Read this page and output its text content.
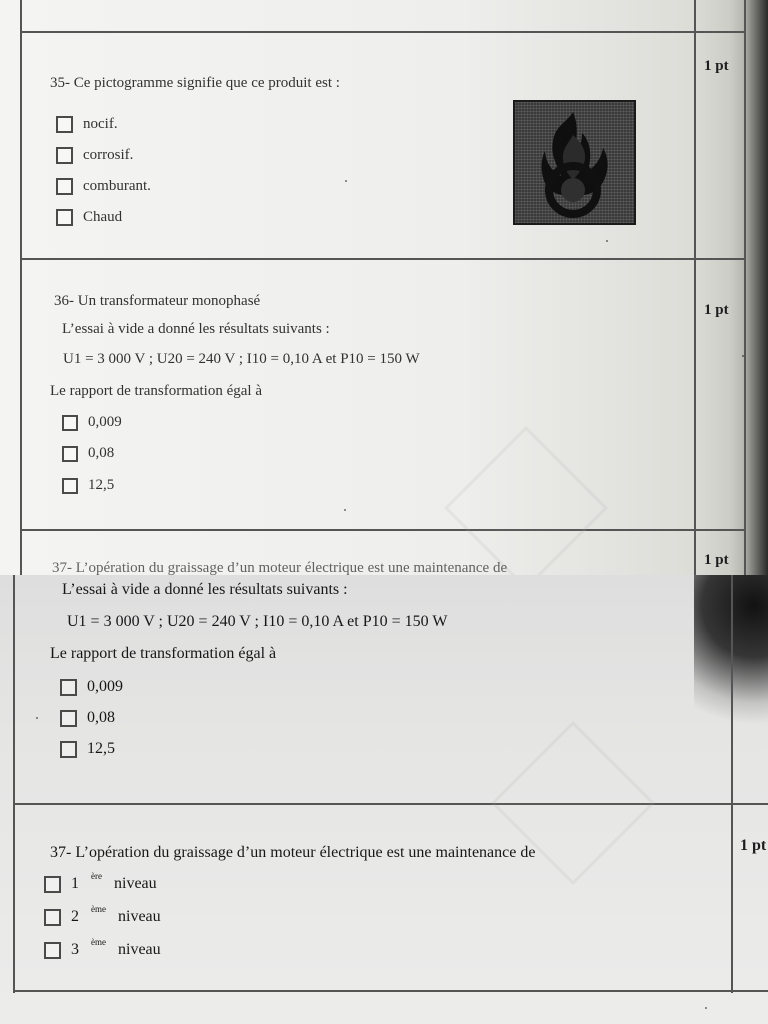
35- Ce pictogramme signifie que ce produit est :
1 pt
nocif.
corrosif.
comburant.
Chaud
36- Un transformateur monophasé
1 pt
L’essai à vide a donné les résultats suivants :
U1 = 3 000 V ; U20 = 240 V ; I10 = 0,10 A et P10 = 150 W
Le rapport de transformation égal à
0,009
0,08
12,5
37- L’opération du graissage d’un moteur électrique est une maintenance de	1 pt
L’essai à vide a donné les résultats suivants :
U1 = 3 000 V ; U20 = 240 V ; I10 = 0,10 A et P10 = 150 W
Le rapport de transformation égal à
0,009
0,08
12,5
37- L’opération du graissage d’un moteur électrique est une maintenance de	1 pt
1 ère niveau
2 ème niveau
3 ème niveau
